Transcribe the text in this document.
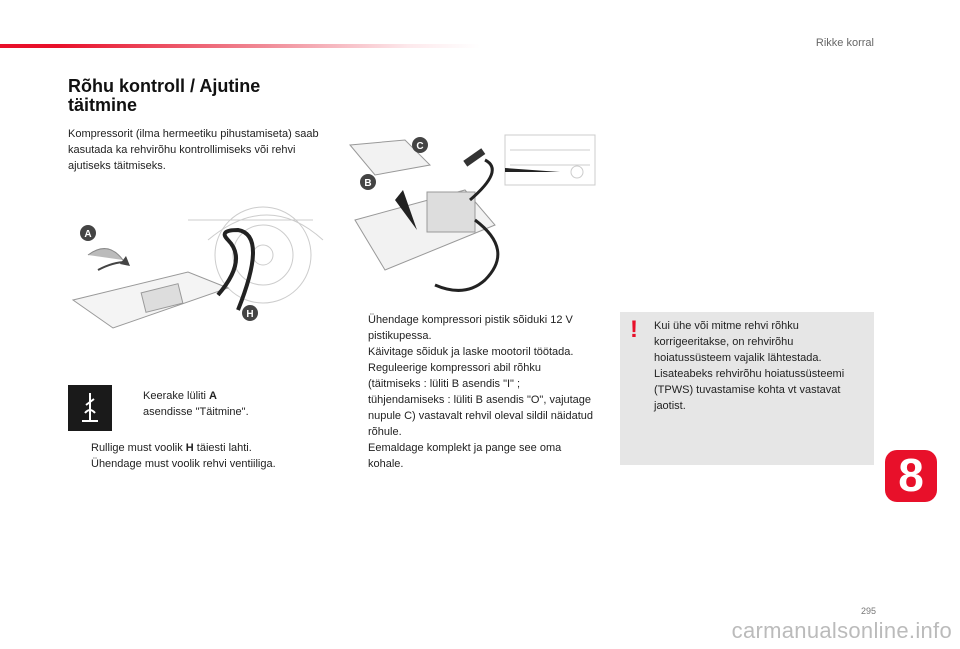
Rikke korral
Rõhu kontroll / Ajutine täitmine

Kompressorit (ilma hermeetiku pihustamiseta) saab kasutada ka rehvirõhu kontrollimiseks või rehvi ajutiseks täitmiseks.

A
H
C
B
Keerake lüliti A
asendisse "Täitmine".
Rullige must voolik H täiesti lahti.
Ühendage must voolik rehvi ventiiliga.
Ühendage kompressori pistik sõiduki 12 V pistikupessa.
Käivitage sõiduk ja laske mootoril töötada.
Reguleerige kompressori abil rõhku (täitmiseks : lüliti B asendis "I" ; tühjendamiseks : lüliti B asendis "O", vajutage nupule C) vastavalt rehvil oleval sildil näidatud rõhule.
Eemaldage komplekt ja pange see oma kohale.
! Kui ühe või mitme rehvi rõhku korrigeeritakse, on rehvirõhu hoiatussüsteem vajalik lähtestada. Lisateabeks rehvirõhu hoiatussüsteemi (TPWS) tuvastamise kohta vt vastavat jaotist.

8
295
carmanualsonline.info
